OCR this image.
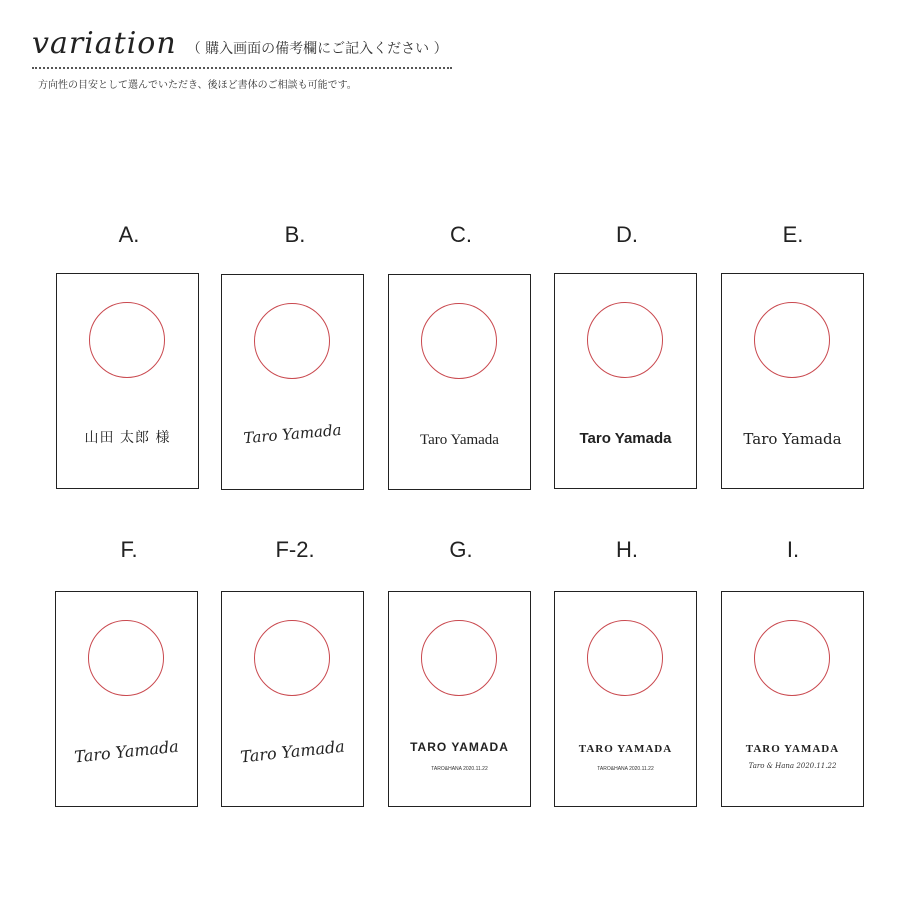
variation （ 購入画面の備考欄にご記入ください ）
方向性の目安として選んでいただき、後ほど書体のご相談も可能です。
A.
山田 太郎 様
B.
Taro Yamada
C.
Taro Yamada
D.
Taro Yamada
E.
Taro Yamada
F.
Taro Yamada
F-2.
Taro Yamada
G.
TARO YAMADA
TARO&HANA 2020.11.22
H.
TARO YAMADA
TARO&HANA 2020.11.22
I.
TARO YAMADA
Taro & Hana 2020.11.22
